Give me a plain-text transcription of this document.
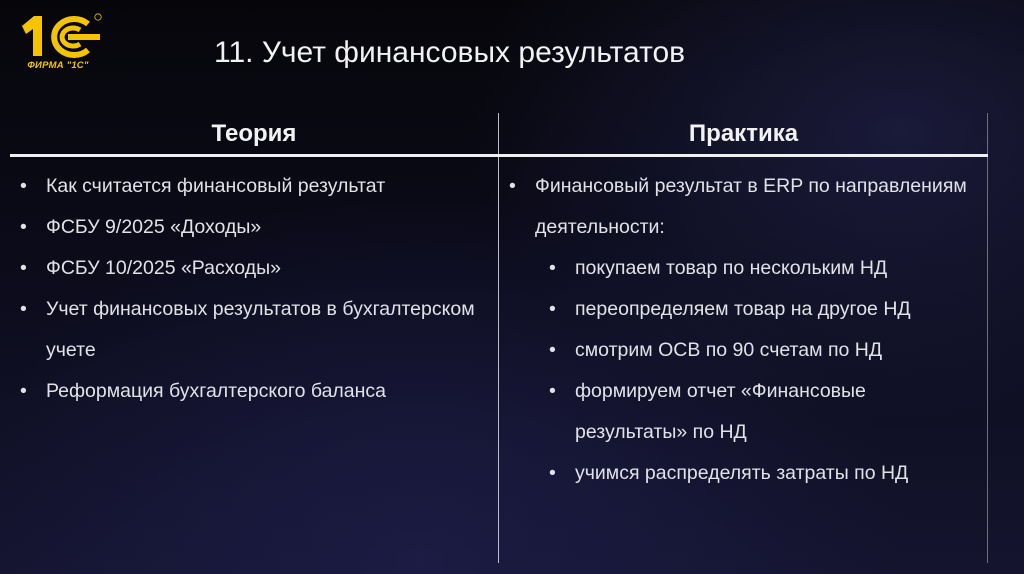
ФИРМА "1С"	11. Учет финансовых результатов
Теория	Практика
• Как считается финансовый результат
• ФСБУ 9/2025 «Доходы»
• ФСБУ 10/2025 «Расходы»
• Учет финансовых результатов в бухгалтерском учете
• Реформация бухгалтерского баланса
• Финансовый результат в ERP по направлениям деятельности:
• покупаем товар по нескольким НД
• переопределяем товар на другое НД
• смотрим ОСВ по 90 счетам по НД
• формируем отчет «Финансовые результаты» по НД
• учимся распределять затраты по НД
